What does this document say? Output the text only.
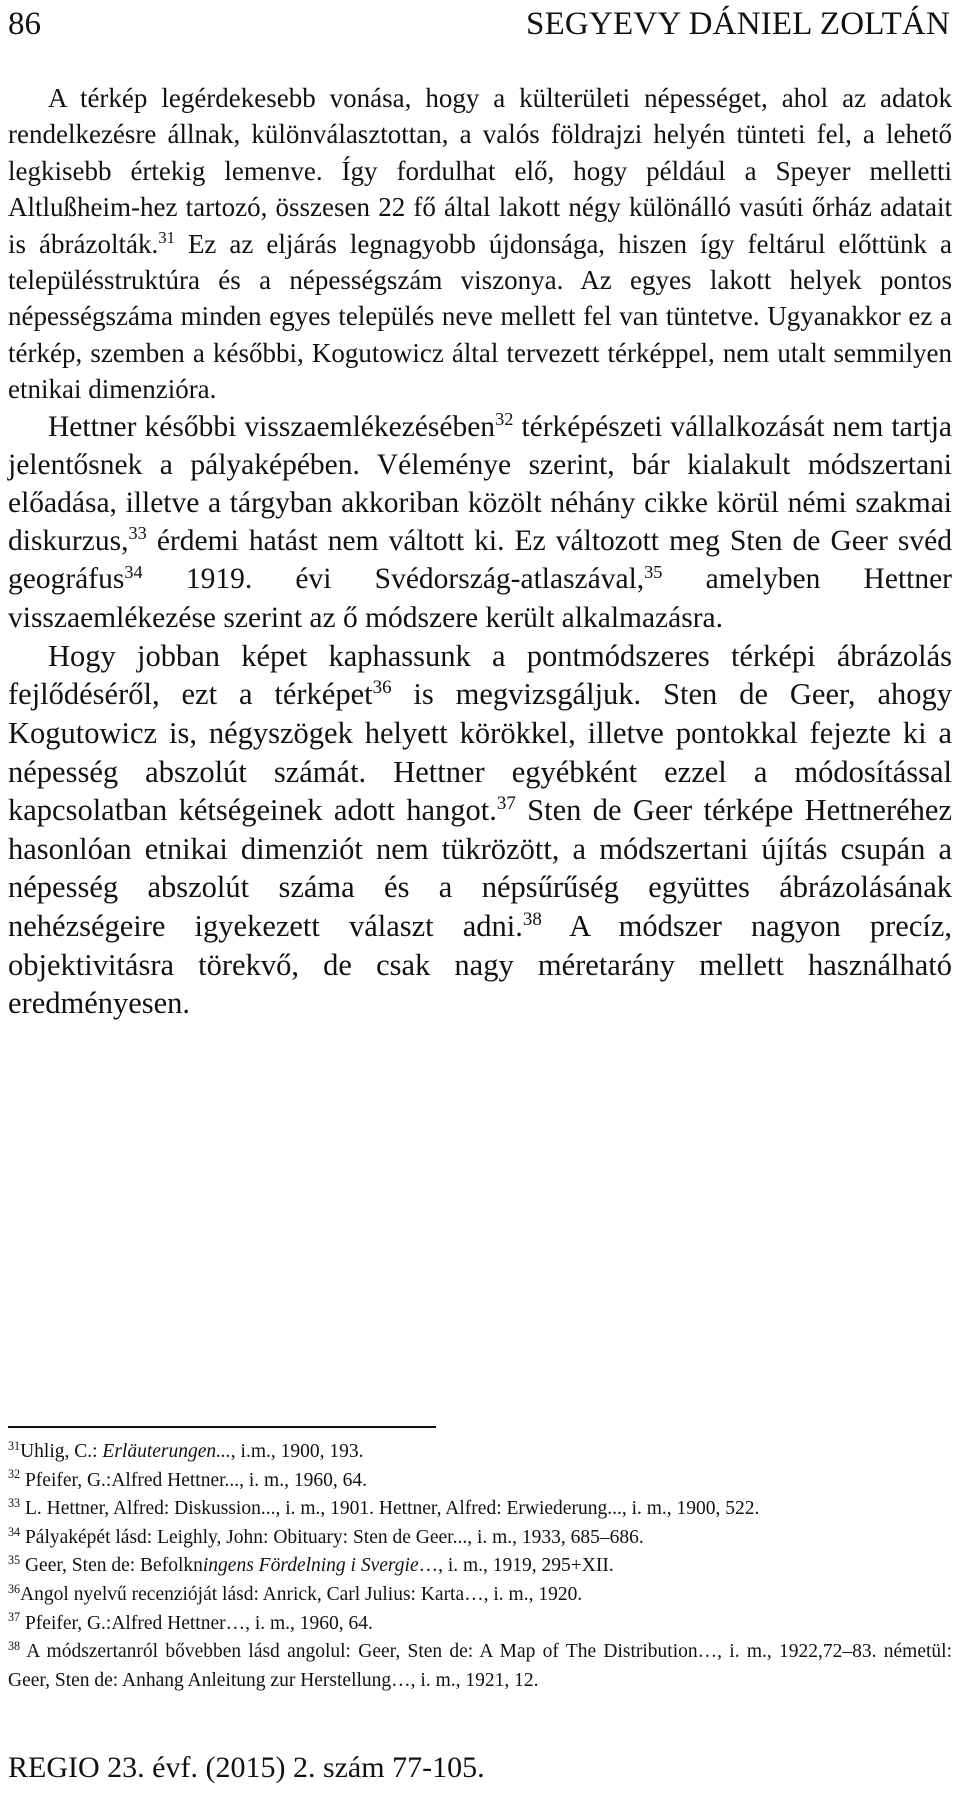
86	SEGYEVY DÁNIEL ZOLTÁN

A térkép legérdekesebb vonása, hogy a külterületi népességet, ahol az adatok rendelkezésre állnak, különválasztottan, a valós földrajzi helyén tünteti fel, a lehető legkisebb értekig lemenve. Így fordulhat elő, hogy például a Speyer melletti Altlußheim-hez tartozó, összesen 22 fő által lakott négy különálló vasúti őrház adatait is ábrázolták.$^{31}$ Ez az eljárás legnagyobb újdonsága, hiszen így feltárul előttünk a településstruktúra és a népességszám viszonya. Az egyes lakott helyek pontos népességszáma minden egyes település neve mellett fel van tüntetve. Ugyanakkor ez a térkép, szemben a későbbi, Kogutowicz által tervezett térképpel, nem utalt semmilyen etnikai dimenzióra.

Hettner későbbi visszaemlékezésében$^{32}$ térképészeti vállalkozását nem tartja jelentősnek a pályaképében. Véleménye szerint, bár kialakult módszertani előadása, illetve a tárgyban akkoriban közölt néhány cikke körül némi szakmai diskurzus,$^{33}$ érdemi hatást nem váltott ki. Ez változott meg Sten de Geer svéd geográfus$^{34}$ 1919. évi Svédország-atlaszával,$^{35}$ amelyben Hettner visszaemlékezése szerint az ő módszere került alkalmazásra.

Hogy jobban képet kaphassunk a pontmódszeres térképi ábrázolás fejlődéséről, ezt a térképet$^{36}$ is megvizsgáljuk. Sten de Geer, ahogy Kogutowicz is, négyszögek helyett körökkel, illetve pontokkal fejezte ki a népesség abszolút számát. Hettner egyébként ezzel a módosítással kapcsolatban kétségeinek adott hangot.$^{37}$ Sten de Geer térképe Hettneréhez hasonlóan etnikai dimenziót nem tükrözött, a módszertani újítás csupán a népesség abszolút száma és a népsűrűség együttes ábrázolásának nehézségeire igyekezett választ adni.$^{38}$ A módszer nagyon precíz, objektivitásra törekvő, de csak nagy méretarány mellett használható eredményesen.

$^{31}$Uhlig, C.: Erläuterungen..., i.m., 1900, 193.

$^{32}$ Pfeifer, G.:Alfred Hettner..., i. m., 1960, 64.

$^{33}$ L. Hettner, Alfred: Diskussion..., i. m., 1901. Hettner, Alfred: Erwiederung..., i. m., 1900, 522.

$^{34}$ Pályaképét lásd: Leighly, John: Obituary: Sten de Geer..., i. m., 1933, 685–686.

$^{35}$ Geer, Sten de: Befolkningens Fördelning i Svergie…, i. m., 1919, 295+XII.

$^{36}$Angol nyelvű recenzióját lásd: Anrick, Carl Julius: Karta…, i. m., 1920.

$^{37}$ Pfeifer, G.:Alfred Hettner…, i. m., 1960, 64.

$^{38}$ A módszertanról bővebben lásd angolul: Geer, Sten de: A Map of The Distribution…, i. m., 1922,72–83. németül: Geer, Sten de: Anhang Anleitung zur Herstellung…, i. m., 1921, 12.

REGIO 23. évf. (2015) 2. szám 77-105.
